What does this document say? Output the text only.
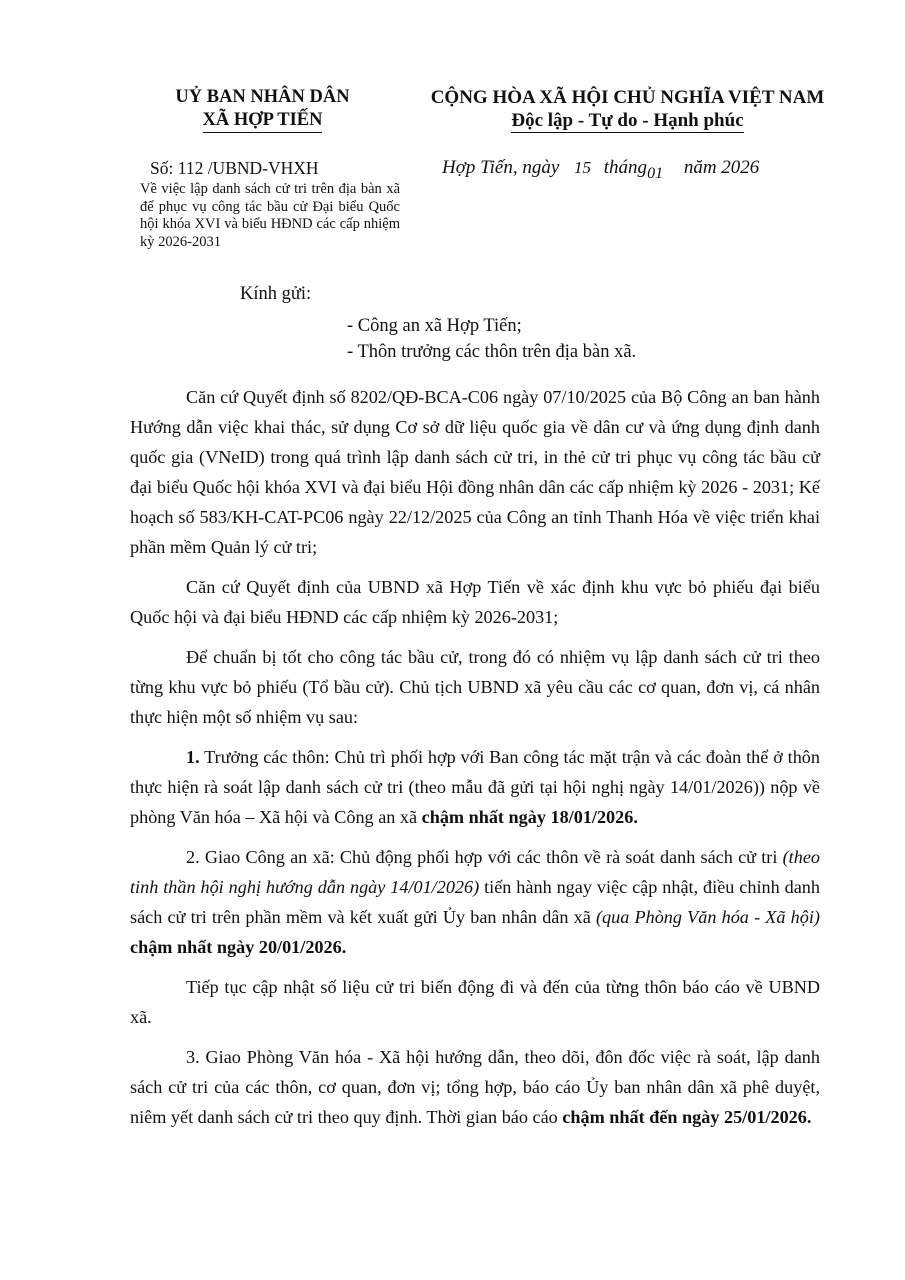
UỶ BAN NHÂN DÂN
XÃ HỢP TIẾN
CỘNG HÒA XÃ HỘI CHỦ NGHĨA VIỆT NAM
Độc lập - Tự do - Hạnh phúc
Số: 112 /UBND-VHXH
Về việc lập danh sách cử tri trên địa bàn xã để phục vụ công tác bầu cử Đại biểu Quốc hội khóa XVI và biểu HĐND các cấp nhiệm kỳ 2026-2031
Hợp Tiến, ngày 15 tháng01 năm 2026
Kính gửi:
- Công an xã Hợp Tiến;
- Thôn trưởng các thôn trên địa bàn xã.

Căn cứ Quyết định số 8202/QĐ-BCA-C06 ngày 07/10/2025 của Bộ Công an ban hành Hướng dẫn việc khai thác, sử dụng Cơ sở dữ liệu quốc gia về dân cư và ứng dụng định danh quốc gia (VNeID) trong quá trình lập danh sách cử tri, in thẻ cử tri phục vụ công tác bầu cử đại biểu Quốc hội khóa XVI và đại biểu Hội đồng nhân dân các cấp nhiệm kỳ 2026 - 2031; Kế hoạch số 583/KH-CAT-PC06 ngày 22/12/2025 của Công an tỉnh Thanh Hóa về việc triển khai phần mềm Quản lý cử tri;

Căn cứ Quyết định của UBND xã Hợp Tiến về xác định khu vực bỏ phiếu đại biểu Quốc hội và đại biểu HĐND các cấp nhiệm kỳ 2026-2031;

Để chuẩn bị tốt cho công tác bầu cử, trong đó có nhiệm vụ lập danh sách cử tri theo từng khu vực bỏ phiếu (Tổ bầu cử). Chủ tịch UBND xã yêu cầu các cơ quan, đơn vị, cá nhân thực hiện một số nhiệm vụ sau:

1. Trưởng các thôn: Chủ trì phối hợp với Ban công tác mặt trận và các đoàn thể ở thôn thực hiện rà soát lập danh sách cử tri (theo mẫu đã gửi tại hội nghị ngày 14/01/2026)) nộp về phòng Văn hóa – Xã hội và Công an xã chậm nhất ngày 18/01/2026.

2. Giao Công an xã: Chủ động phối hợp với các thôn về rà soát danh sách cử tri (theo tinh thần hội nghị hướng dẫn ngày 14/01/2026) tiến hành ngay việc cập nhật, điều chỉnh danh sách cử tri trên phần mềm và kết xuất gửi Ủy ban nhân dân xã (qua Phòng Văn hóa - Xã hội) chậm nhất ngày 20/01/2026.

Tiếp tục cập nhật số liệu cử tri biến động đi và đến của từng thôn báo cáo về UBND xã.

3. Giao Phòng Văn hóa - Xã hội hướng dẫn, theo dõi, đôn đốc việc rà soát, lập danh sách cử tri của các thôn, cơ quan, đơn vị; tổng hợp, báo cáo Ủy ban nhân dân xã phê duyệt, niêm yết danh sách cử tri theo quy định. Thời gian báo cáo chậm nhất đến ngày 25/01/2026.
